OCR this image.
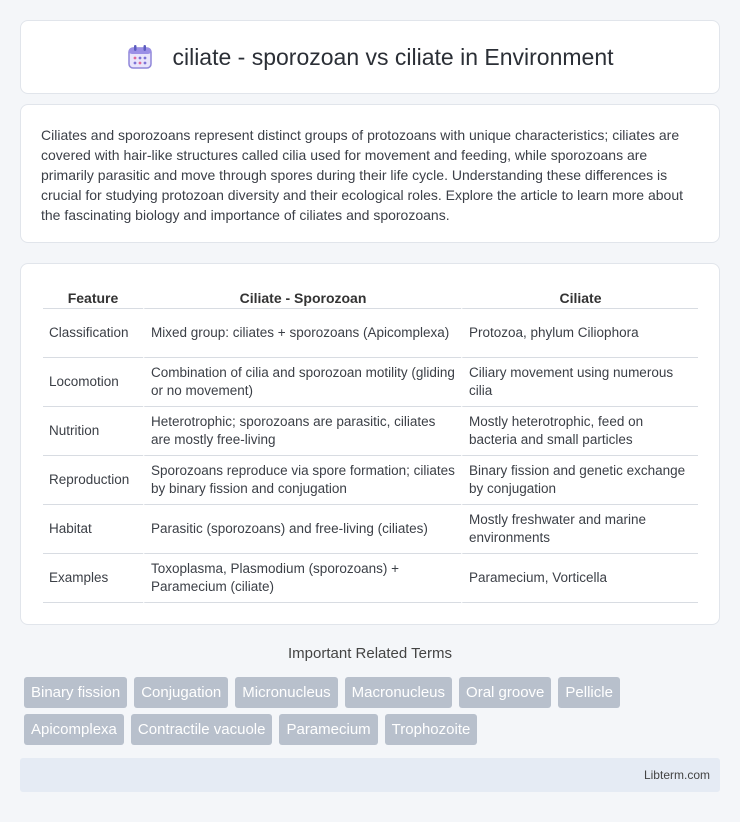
ciliate - sporozoan vs ciliate in Environment

Ciliates and sporozoans represent distinct groups of protozoans with unique characteristics; ciliates are covered with hair-like structures called cilia used for movement and feeding, while sporozoans are primarily parasitic and move through spores during their life cycle. Understanding these differences is crucial for studying protozoan diversity and their ecological roles. Explore the article to learn more about the fascinating biology and importance of ciliates and sporozoans.

Feature	Ciliate - Sporozoan	Ciliate
Classification	Mixed group: ciliates + sporozoans (Apicomplexa)	Protozoa, phylum Ciliophora
Locomotion	Combination of cilia and sporozoan motility (gliding or no movement)	Ciliary movement using numerous cilia
Nutrition	Heterotrophic; sporozoans are parasitic, ciliates are mostly free-living	Mostly heterotrophic, feed on bacteria and small particles
Reproduction	Sporozoans reproduce via spore formation; ciliates by binary fission and conjugation	Binary fission and genetic exchange by conjugation
Habitat	Parasitic (sporozoans) and free-living (ciliates)	Mostly freshwater and marine environments
Examples	Toxoplasma, Plasmodium (sporozoans) + Paramecium (ciliate)	Paramecium, Vorticella
Important Related Terms
Binary fission	Conjugation	Micronucleus	Macronucleus	Oral groove	Pellicle
Apicomplexa	Contractile vacuole	Paramecium	Trophozoite
Libterm.com
